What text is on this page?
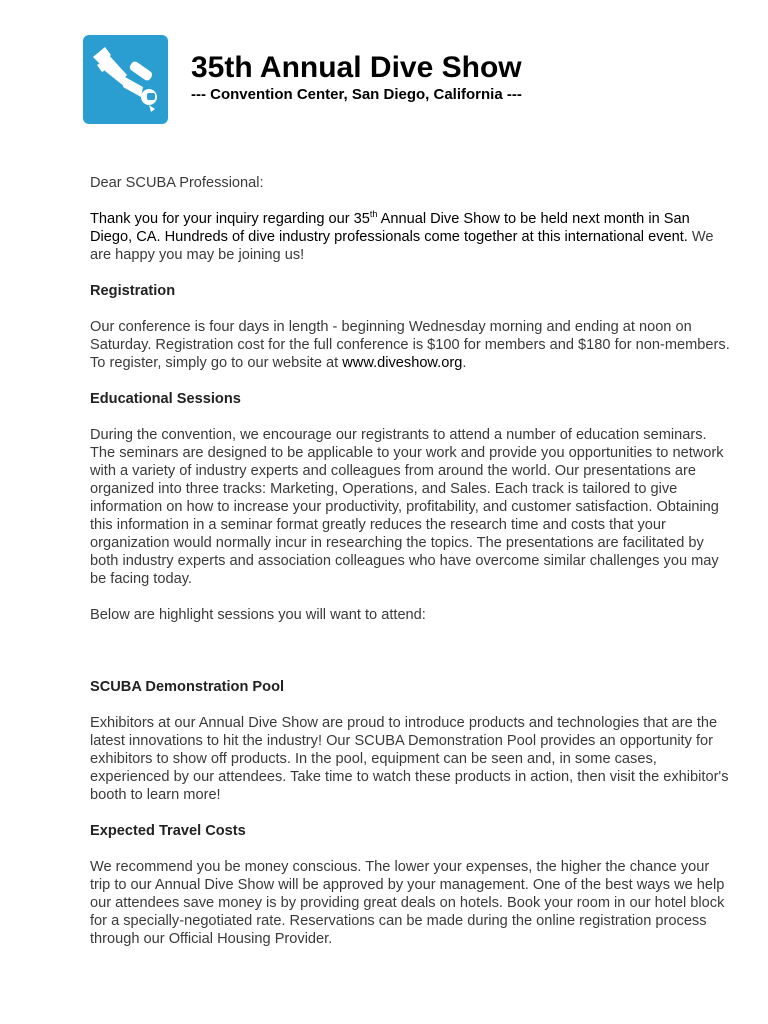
35th Annual Dive Show
--- Convention Center, San Diego, California ---

Dear SCUBA Professional:

Thank you for your inquiry regarding our 35th Annual Dive Show to be held next month in San Diego, CA. Hundreds of dive industry professionals come together at this international event. We are happy you may be joining us!

Registration

Our conference is four days in length - beginning Wednesday morning and ending at noon on Saturday. Registration cost for the full conference is $100 for members and $180 for non-members. To register, simply go to our website at www.diveshow.org.

Educational Sessions

During the convention, we encourage our registrants to attend a number of education seminars. The seminars are designed to be applicable to your work and provide you opportunities to network with a variety of industry experts and colleagues from around the world. Our presentations are organized into three tracks: Marketing, Operations, and Sales. Each track is tailored to give information on how to increase your productivity, profitability, and customer satisfaction. Obtaining this information in a seminar format greatly reduces the research time and costs that your organization would normally incur in researching the topics. The presentations are facilitated by both industry experts and association colleagues who have overcome similar challenges you may be facing today.

Below are highlight sessions you will want to attend:

SCUBA Demonstration Pool

Exhibitors at our Annual Dive Show are proud to introduce products and technologies that are the latest innovations to hit the industry! Our SCUBA Demonstration Pool provides an opportunity for exhibitors to show off products. In the pool, equipment can be seen and, in some cases, experienced by our attendees. Take time to watch these products in action, then visit the exhibitor's booth to learn more!

Expected Travel Costs

We recommend you be money conscious. The lower your expenses, the higher the chance your trip to our Annual Dive Show will be approved by your management. One of the best ways we help our attendees save money is by providing great deals on hotels. Book your room in our hotel block for a specially-negotiated rate. Reservations can be made during the online registration process through our Official Housing Provider.
